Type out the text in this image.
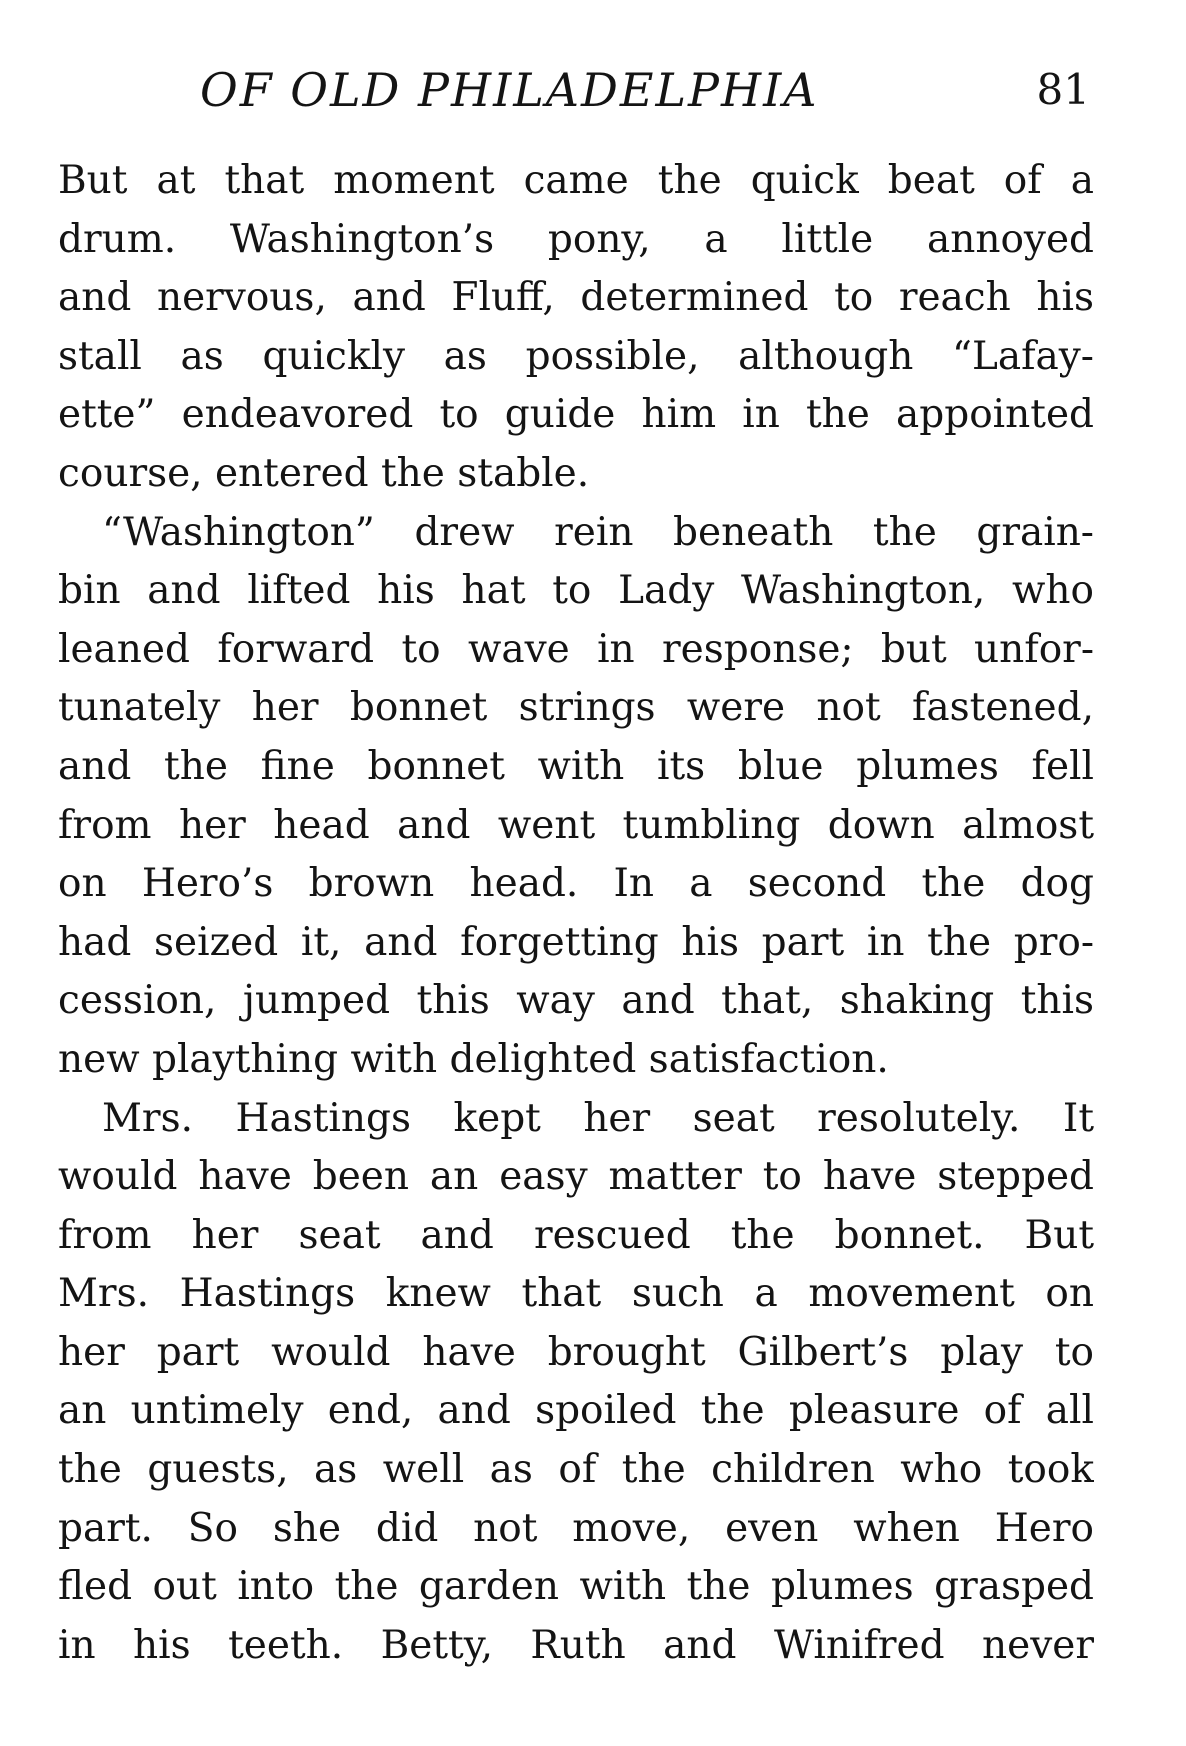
OF OLD PHILADELPHIA	81
But at that moment came the quick beat of a
drum. Washington’s pony, a little annoyed
and nervous, and Fluff, determined to reach his
stall as quickly as possible, although “Lafay-
ette” endeavored to guide him in the appointed
course, entered the stable.
“Washington” drew rein beneath the grain-
bin and lifted his hat to Lady Washington, who
leaned forward to wave in response; but unfor-
tunately her bonnet strings were not fastened,
and the fine bonnet with its blue plumes fell
from her head and went tumbling down almost
on Hero’s brown head. In a second the dog
had seized it, and forgetting his part in the pro-
cession, jumped this way and that, shaking this
new plaything with delighted satisfaction.
Mrs. Hastings kept her seat resolutely. It
would have been an easy matter to have stepped
from her seat and rescued the bonnet. But
Mrs. Hastings knew that such a movement on
her part would have brought Gilbert’s play to
an untimely end, and spoiled the pleasure of all
the guests, as well as of the children who took
part. So she did not move, even when Hero
fled out into the garden with the plumes grasped
in his teeth. Betty, Ruth and Winifred never
